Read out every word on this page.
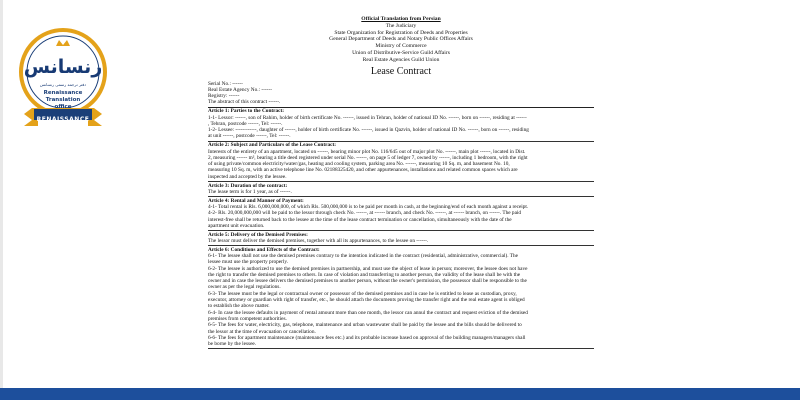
رنسانس
دفتر ترجمه رسمی رنسانس
Renaissance
Translation
office
RENAISSANCE
Official Translation from Persian
The Judiciary
State Organization for Registration of Deeds and Properties
General Department of Deeds and Notary Public Offices Affairs
Ministry of Commerce
Union of Distributive-Service Guild Affairs
Real Estate Agencies Guild Union
Lease Contract
Serial No.: ------
Real Estate Agency No.: ------
Registry: ------
The abstract of this contract ------.
Article 1: Parties to the Contract:
1-1- Lessor: ------, son of Rahim, holder of birth certificate No. ------, issued in Tehran, holder of national ID No. ------, born on ------, residing at ------
, Tehran, postcode ------, Tel: ------.
1-2- Lessee: ------------, daughter of ------, holder of birth certificate No. ------, issued in Qazvin, holder of national ID No. ------, born on ------, residing
at unit ------, postcode ------, Tel: ------.
Article 2: Subject and Particulars of the Lease Contract:
Interests of the entirety of an apartment, located on ------, bearing minor plot No. 116/645 out of major plot No. ------, main plot ------, located in Dist.
2, measuring ------ m², bearing a title deed registered under serial No. ------, on page 5 of ledger 7, owned by ------, including 1 bedroom, with the right
of using private/common electricity/water/gas, heating and cooling system, parking area No. ------, measuring 10 Sq. m, and basement No. 10,
measuring 10 Sq. m, with an active telephone line No. 02188325420, and other appurtenances, installations and related common spaces which are
inspected and accepted by the lessee.
Article 3: Duration of the contract:
The lease term is for 1 year, as of ------.
Article 4: Rental and Manner of Payment:
4-1- Total rental is Rls. 6,000,000,000, of which Rls. 500,000,000 is to be paid per month in cash, at the beginning/end of each month against a receipt.
4-2- Rls. 20,000,000,000 will be paid to the lessor through check No. ------, at ------ branch, and check No. ------, at ------ branch, on ------. The paid
interest-free shall be returned back to the lessee at the time of the lease contract termination or cancellation, simultaneously with the date of the
apartment unit evacuation.
Article 5: Delivery of the Demised Premises:
The lessor must deliver the demised premises, together with all its appurtenances, to the lessee on ------.
Article 6: Conditions and Effects of the Contract:
6-1- The lessee shall not use the demised premises contrary to the intention indicated in the contract (residential, administrative, commercial). The
lessee must use the property properly.
6-2- The lessee is authorized to use the demised premises in partnership, and must use the object of lease in person; moreover, the lessee does not have
the right to transfer the demised premises to others. In case of violation and transferring to another person, the validity of the lease shall be with the
owner and in case the lessee delivers the demised premises to another person, without the owner's permission, the possessor shall be responsible to the
owner as per the legal regulations.
6-3- The lessee must be the legal or contractual owner or possessor of the demised premises and in case he is entitled to lease as custodian, proxy,
executor, attorney or guardian with right of transfer, etc., he should attach the documents proving the transfer right and the real estate agent is obliged
to establish the above matter.
6-4- In case the lessee defaults in payment of rental amount more than one month, the lessor can annul the contract and request eviction of the demised
premises from competent authorities.
6-5- The fees for water, electricity, gas, telephone, maintenance and urban wastewater shall be paid by the lessee and the bills should be delivered to
the lessor at the time of evacuation or cancellation.
6-6- The fees for apartment maintenance (maintenance fees etc.) and its probable increase based on approval of the building managers/managers shall
be borne by the lessee.
